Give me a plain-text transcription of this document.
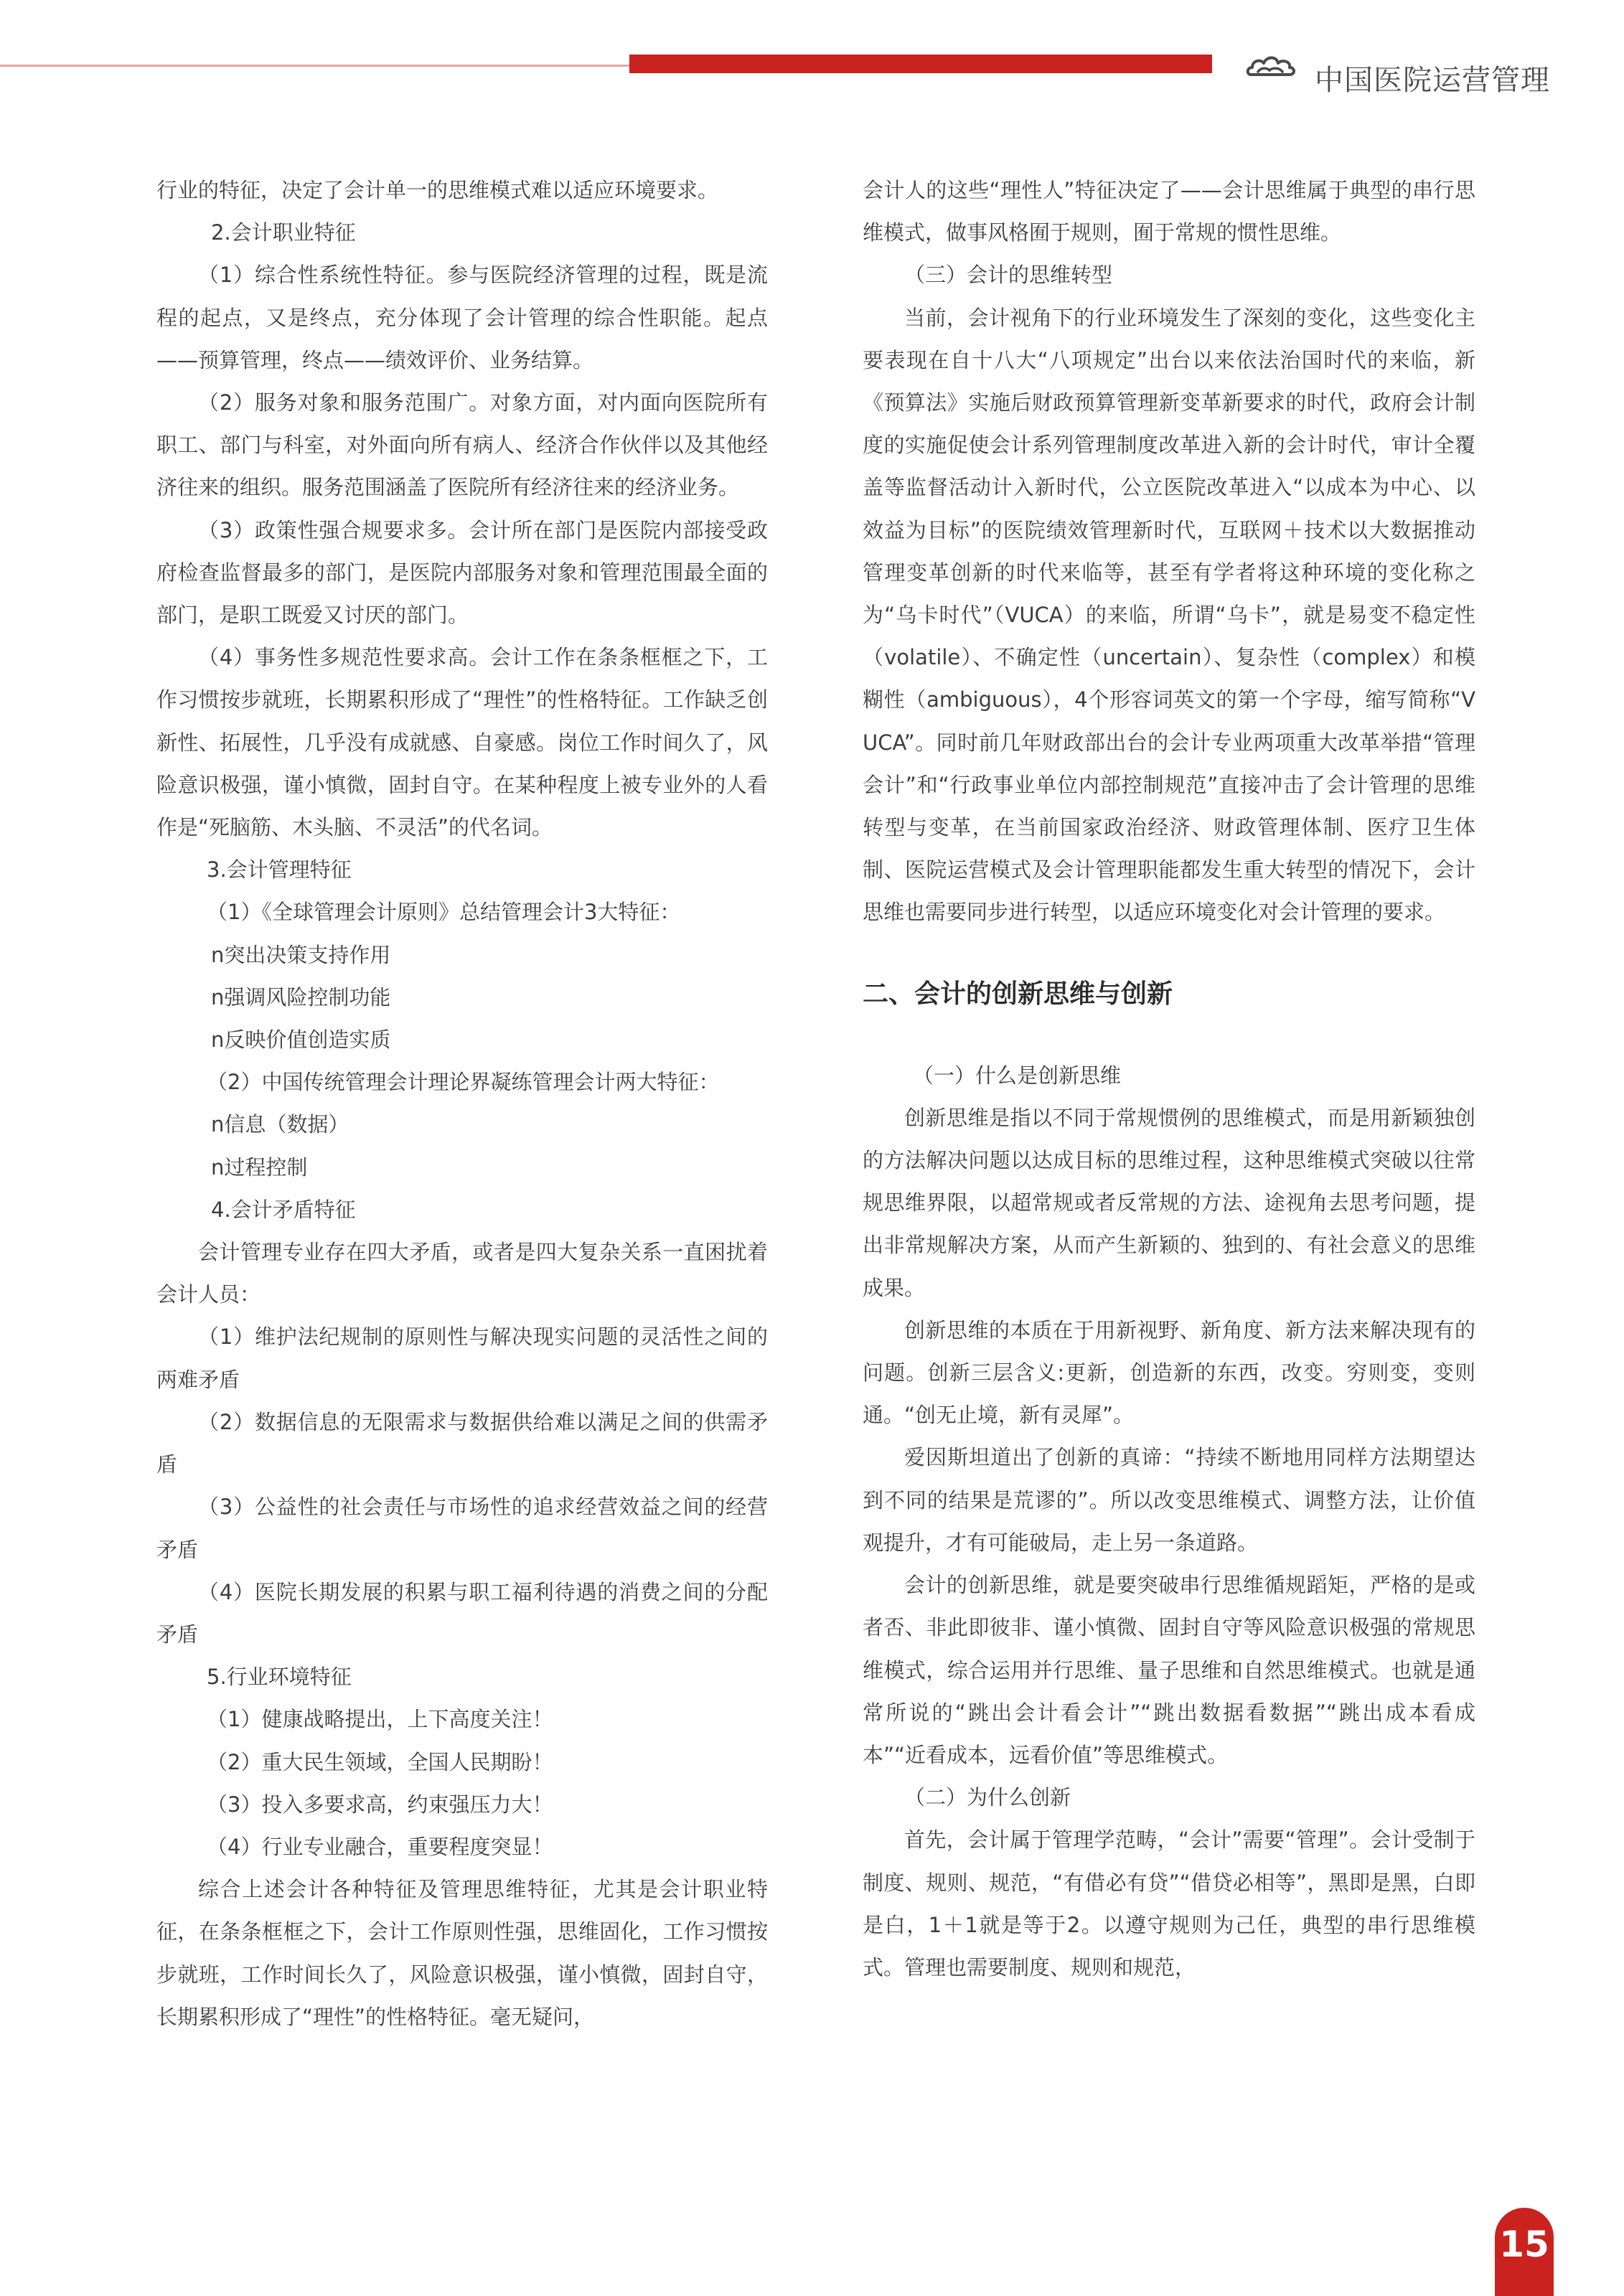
中国医院运营管理

行业的特征，决定了会计单一的思维模式难以适应环境要求。

2.会计职业特征

（1）综合性系统性特征。参与医院经济管理的过程，既是流程的起点，又是终点，充分体现了会计管理的综合性职能。起点——预算管理，终点——绩效评价、业务结算。

（2）服务对象和服务范围广。对象方面，对内面向医院所有职工、部门与科室，对外面向所有病人、经济合作伙伴以及其他经济往来的组织。服务范围涵盖了医院所有经济往来的经济业务。

（3）政策性强合规要求多。会计所在部门是医院内部接受政府检查监督最多的部门，是医院内部服务对象和管理范围最全面的部门，是职工既爱又讨厌的部门。

（4）事务性多规范性要求高。会计工作在条条框框之下，工作习惯按步就班，长期累积形成了“理性”的性格特征。工作缺乏创新性、拓展性，几乎没有成就感、自豪感。岗位工作时间久了，风险意识极强，谨小慎微，固封自守。在某种程度上被专业外的人看作是“死脑筋、木头脑、不灵活”的代名词。

3.会计管理特征

（1）《全球管理会计原则》总结管理会计3大特征：

n突出决策支持作用

n强调风险控制功能

n反映价值创造实质

（2）中国传统管理会计理论界凝练管理会计两大特征：

n信息（数据）

n过程控制

4.会计矛盾特征

会计管理专业存在四大矛盾，或者是四大复杂关系一直困扰着会计人员：

（1）维护法纪规制的原则性与解决现实问题的灵活性之间的两难矛盾

（2）数据信息的无限需求与数据供给难以满足之间的供需矛盾

（3）公益性的社会责任与市场性的追求经营效益之间的经营矛盾

（4）医院长期发展的积累与职工福利待遇的消费之间的分配矛盾

5.行业环境特征

（1）健康战略提出，上下高度关注！

（2）重大民生领域，全国人民期盼！

（3）投入多要求高，约束强压力大！

（4）行业专业融合，重要程度突显！

综合上述会计各种特征及管理思维特征，尤其是会计职业特征，在条条框框之下，会计工作原则性强，思维固化，工作习惯按步就班，工作时间长久了，风险意识极强，谨小慎微，固封自守，长期累积形成了“理性”的性格特征。毫无疑问，

会计人的这些“理性人”特征决定了——会计思维属于典型的串行思维模式，做事风格囿于规则，囿于常规的惯性思维。

（三）会计的思维转型

当前，会计视角下的行业环境发生了深刻的变化，这些变化主要表现在自十八大“八项规定”出台以来依法治国时代的来临，新《预算法》实施后财政预算管理新变革新要求的时代，政府会计制度的实施促使会计系列管理制度改革进入新的会计时代，审计全覆盖等监督活动计入新时代，公立医院改革进入“以成本为中心、以效益为目标”的医院绩效管理新时代，互联网＋技术以大数据推动管理变革创新的时代来临等，甚至有学者将这种环境的变化称之为“乌卡时代”（VUCA）的来临，所谓“乌卡”，就是易变不稳定性（volatile）、不确定性（uncertain）、复杂性（complex）和模糊性（ambiguous），4个形容词英文的第一个字母，缩写简称“VUCA”。同时前几年财政部出台的会计专业两项重大改革举措“管理会计”和“行政事业单位内部控制规范”直接冲击了会计管理的思维转型与变革，在当前国家政治经济、财政管理体制、医疗卫生体制、医院运营模式及会计管理职能都发生重大转型的情况下，会计思维也需要同步进行转型，以适应环境变化对会计管理的要求。

二、会计的创新思维与创新

（一）什么是创新思维

创新思维是指以不同于常规惯例的思维模式，而是用新颖独创的方法解决问题以达成目标的思维过程，这种思维模式突破以往常规思维界限，以超常规或者反常规的方法、途视角去思考问题，提出非常规解决方案，从而产生新颖的、独到的、有社会意义的思维成果。

创新思维的本质在于用新视野、新角度、新方法来解决现有的问题。创新三层含义:更新，创造新的东西，改变。穷则变，变则通。“创无止境，新有灵犀”。

爱因斯坦道出了创新的真谛：“持续不断地用同样方法期望达到不同的结果是荒谬的”。所以改变思维模式、调整方法，让价值观提升，才有可能破局，走上另一条道路。

会计的创新思维，就是要突破串行思维循规蹈矩，严格的是或者否、非此即彼非、谨小慎微、固封自守等风险意识极强的常规思维模式，综合运用并行思维、量子思维和自然思维模式。也就是通常所说的“跳出会计看会计”“跳出数据看数据”“跳出成本看成本”“近看成本，远看价值”等思维模式。

（二）为什么创新

首先，会计属于管理学范畴，“会计”需要“管理”。会计受制于制度、规则、规范，“有借必有贷”“借贷必相等”，黑即是黑，白即是白，1＋1就是等于2。以遵守规则为己任，典型的串行思维模式。管理也需要制度、规则和规范，

15
